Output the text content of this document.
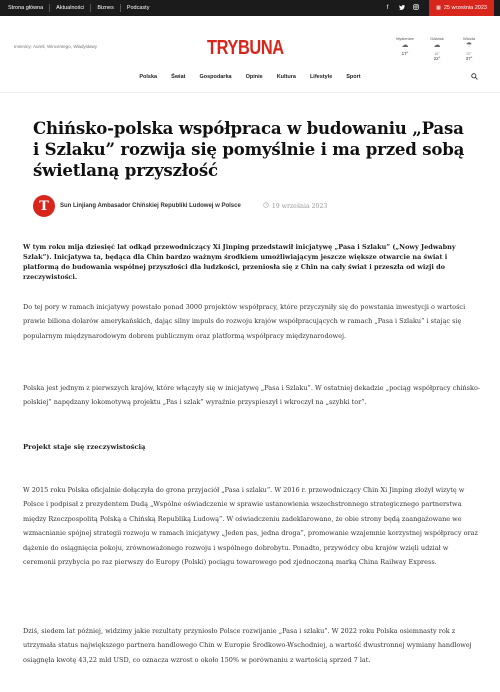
Strona główna	Aktualności	Biznes	Podcasty	f	▦ 25 września 2023
Imieniny: Aureli, Wincentego, Władysławy	TRYBUNA	Myślenice
☁
17°
Gdańsk
☁
16°
22°
Włocła
☂
20°
37°
Polska	Świat	Gospodarka	Opinie	Kultura	Lifestyle	Sport
Chińsko-polska współpraca w budowaniu „Pasa i Szlaku” rozwija się pomyślnie i ma przed sobą świetlaną przyszłość
T	Sun Linjiang Ambasador Chińskiej Republiki Ludowej w Polsce	19 września 2023

W tym roku mija dziesięć lat odkąd przewodniczący Xi Jinping przedstawił inicjatywę „Pasa i Szlaku” („Nowy Jedwabny Szlak”). Inicjatywa ta, będąca dla Chin bardzo ważnym środkiem umożliwiającym jeszcze większe otwarcie na świat i platformą do budowania wspólnej przyszłości dla ludzkości, przeniosła się z Chin na cały świat i przeszła od wizji do rzeczywistości.

Do tej pory w ramach inicjatywy powstało ponad 3000 projektów współpracy, które przyczyniły się do powstania inwestycji o wartości prawie biliona dolarów amerykańskich, dając silny impuls do rozwoju krajów współpracujących w ramach „Pasa i Szlaku” i stając się popularnym międzynarodowym dobrem publicznym oraz platformą współpracy międzynarodowej.

Polska jest jednym z pierwszych krajów, które włączyły się w inicjatywę „Pasa i Szlaku”. W ostatniej dekadzie „pociąg współpracy chińsko-polskiej” napędzany lokomotywą projektu „Pas i szlak” wyraźnie przyspieszył i wkroczył na „szybki tor”.

Projekt staje się rzeczywistością

W 2015 roku Polska oficjalnie dołączyła do grona przyjaciół „Pasa i szlaku”. W 2016 r. przewodniczący Chin Xi Jinping złożył wizytę w Polsce i podpisał z prezydentem Dudą „Wspólne oświadczenie w sprawie ustanowienia wszechstronnego strategicznego partnerstwa między Rzeczpospolitą Polską a Chińską Republiką Ludową”. W oświadczeniu zadeklarowano, że obie strony będą zaangażowane we wzmacnianie spójnej strategii rozwoju w ramach inicjatywy „Jeden pas, jedna droga”, promowanie wzajemnie korzystnej współpracy oraz dążenie do osiągnięcia pokoju, zrównoważonego rozwoju i wspólnego dobrobytu. Ponadto, przywódcy obu krajów wzięli udział w ceremonii przybycia po raz pierwszy do Europy (Polski) pociągu towarowego pod zjednoczoną marką China Railway Express.

Dziś, siedem lat później, widzimy jakie rezultaty przyniosło Polsce rozwijanie „Pasa i szlaku”. W 2022 roku Polska osiemnasty rok z utrzymała status największego partnera handlowego Chin w Europie Środkowo-Wschodniej, a wartość dwustronnej wymiany handlowej osiągnęła kwotę 43,22 mld USD, co oznacza wzrost o około 150% w porównaniu z wartością sprzed 7 lat.
